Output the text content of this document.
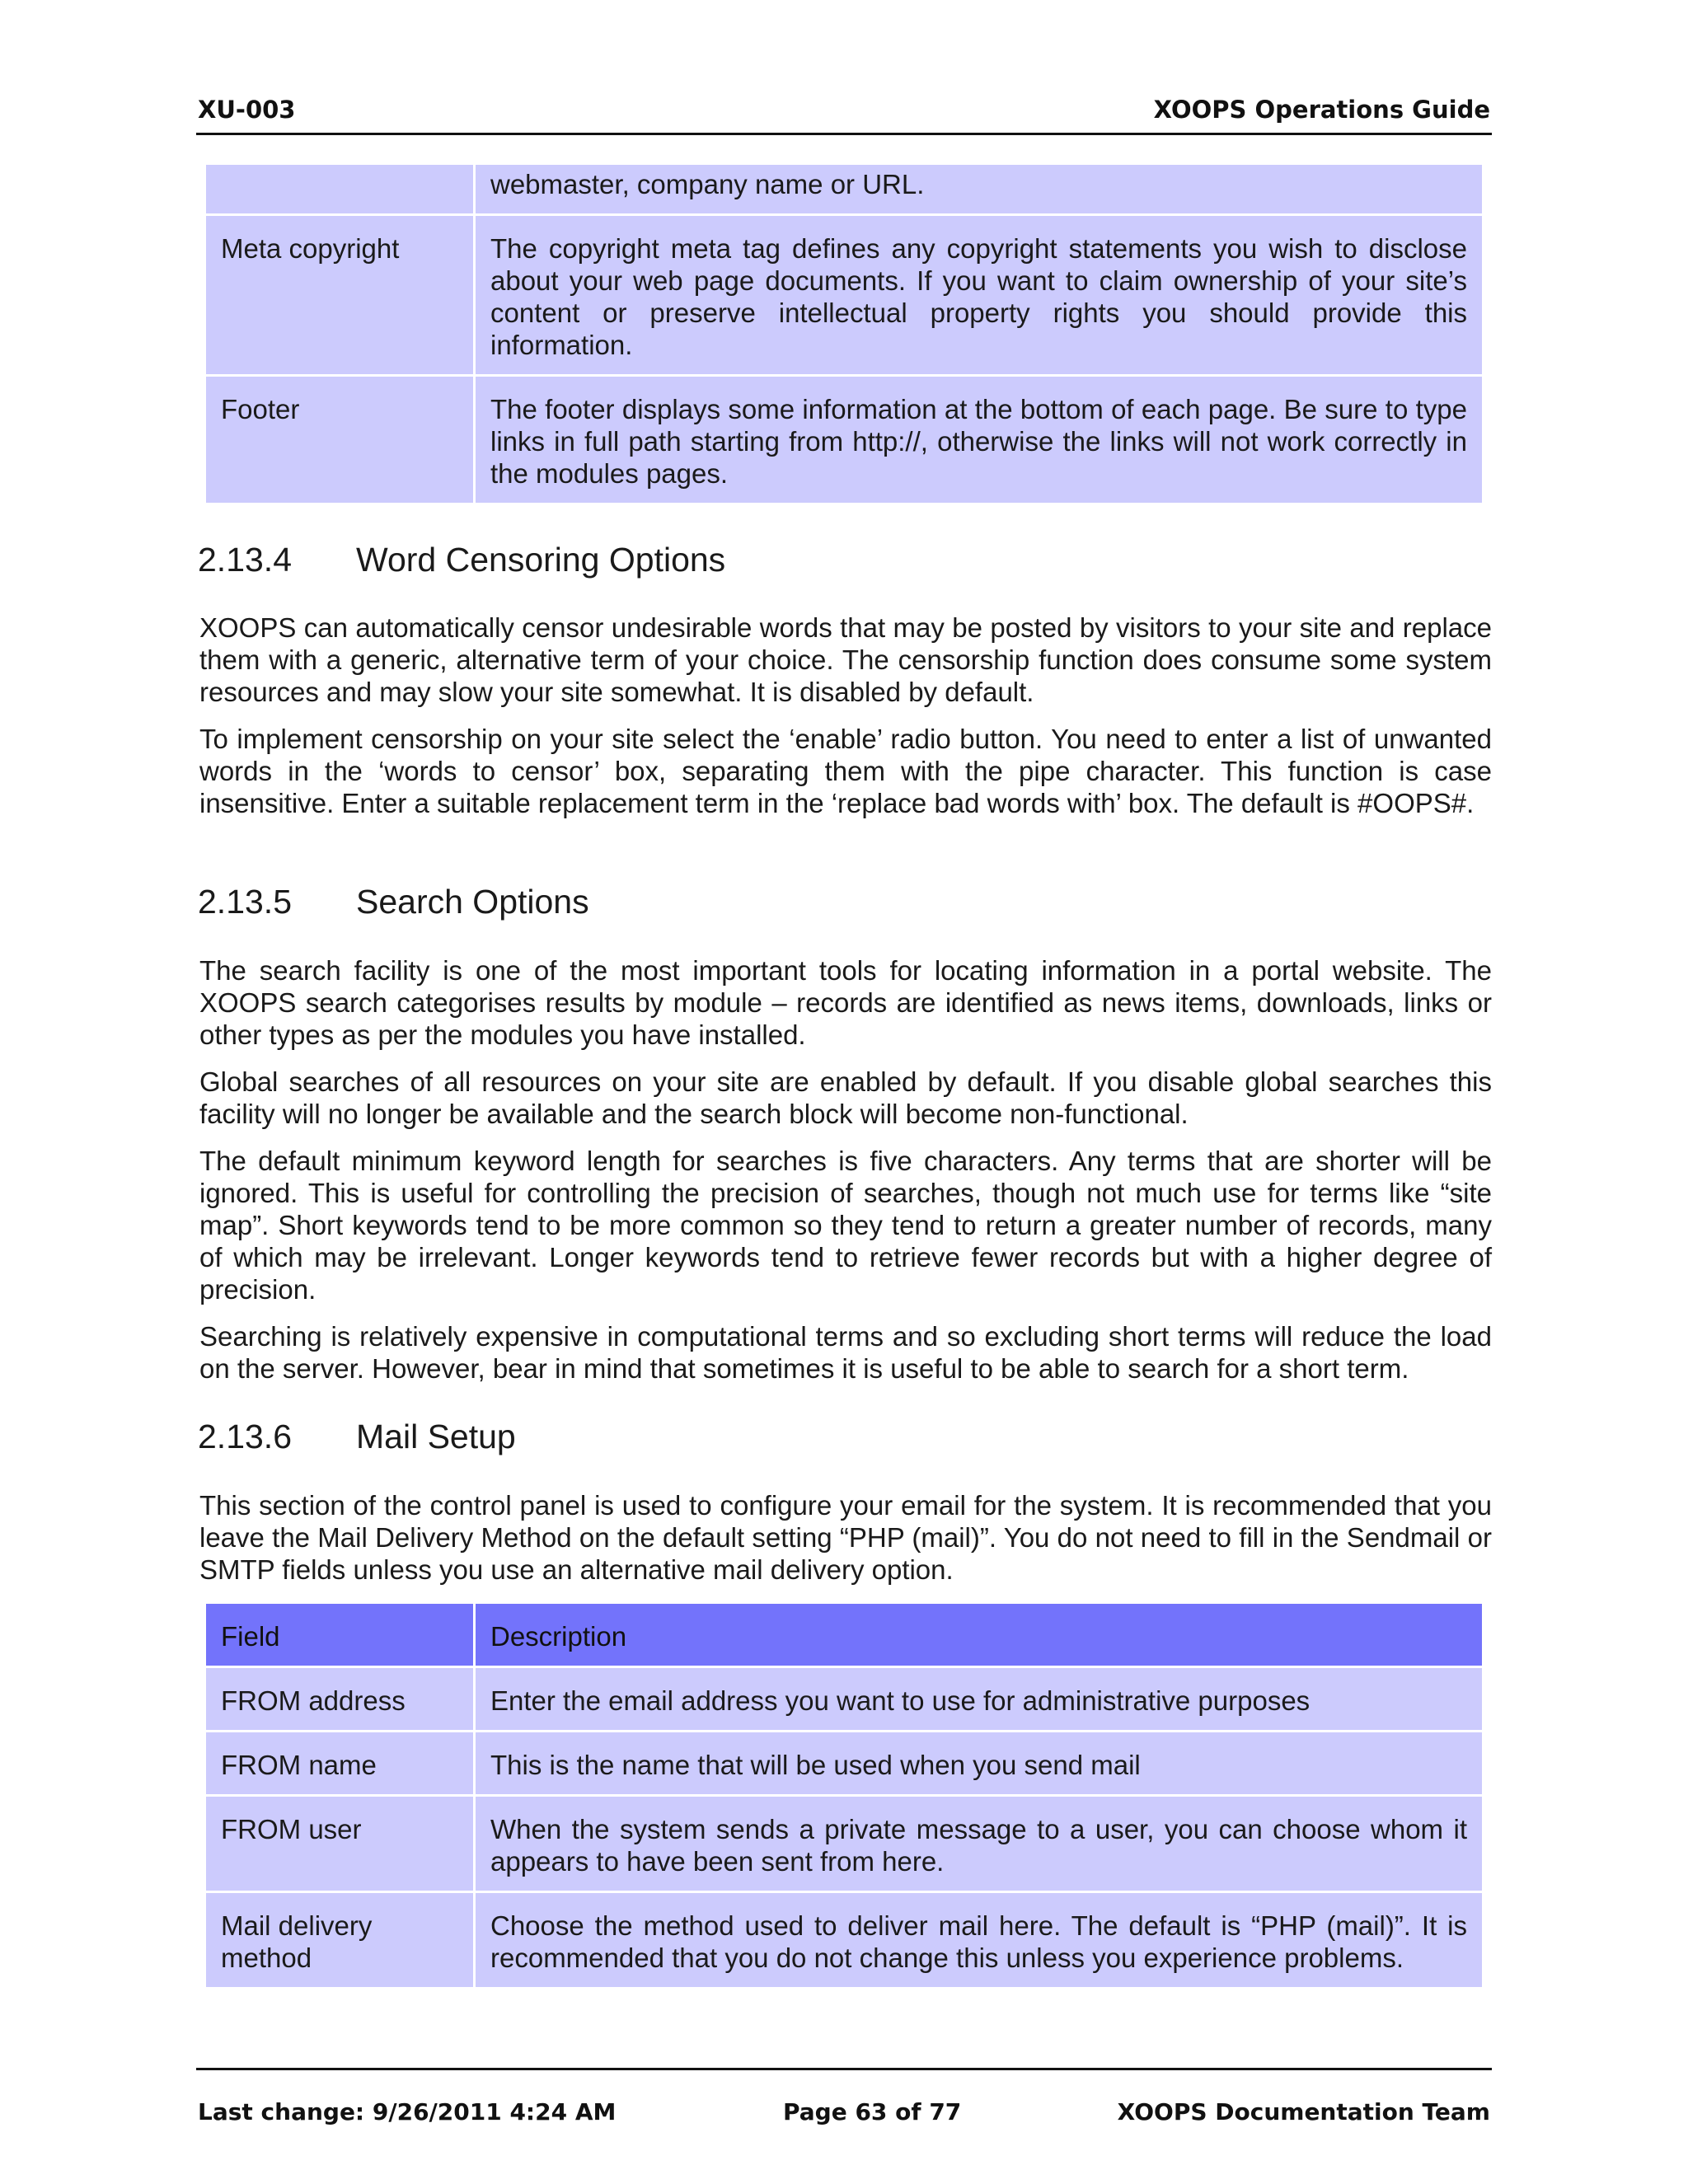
XU-003	XOOPS Operations Guide
	webmaster, company name or URL.
Meta copyright	The copyright meta tag defines any copyright statements you wish to disclose about your web page documents. If you want to claim ownership of your site’s content or preserve intellectual property rights you should provide this information.
Footer	The footer displays some information at the bottom of each page. Be sure to type links in full path starting from http://, otherwise the links will not work correctly in the modules pages.
2.13.4 Word Censoring Options

XOOPS can automatically censor undesirable words that may be posted by visitors to your site and replace them with a generic, alternative term of your choice. The censorship function does consume some system resources and may slow your site somewhat. It is disabled by default.

To implement censorship on your site select the ‘enable’ radio button. You need to enter a list of unwanted words in the ‘words to censor’ box, separating them with the pipe character. This function is case insensitive. Enter a suitable replacement term in the ‘replace bad words with’ box. The default is #OOPS#.

2.13.5 Search Options

The search facility is one of the most important tools for locating information in a portal website. The XOOPS search categorises results by module – records are identified as news items, downloads, links or other types as per the modules you have installed.

Global searches of all resources on your site are enabled by default. If you disable global searches this facility will no longer be available and the search block will become non-functional.

The default minimum keyword length for searches is five characters. Any terms that are shorter will be ignored. This is useful for controlling the precision of searches, though not much use for terms like “site map”. Short keywords tend to be more common so they tend to return a greater number of records, many of which may be irrelevant. Longer keywords tend to retrieve fewer records but with a higher degree of precision.

Searching is relatively expensive in computational terms and so excluding short terms will reduce the load on the server. However, bear in mind that sometimes it is useful to be able to search for a short term.

2.13.6 Mail Setup

This section of the control panel is used to configure your email for the system. It is recommended that you leave the Mail Delivery Method on the default setting “PHP (mail)”. You do not need to fill in the Sendmail or SMTP fields unless you use an alternative mail delivery option.

Field	Description
FROM address	Enter the email address you want to use for administrative purposes
FROM name	This is the name that will be used when you send mail
FROM user	When the system sends a private message to a user, you can choose whom it appears to have been sent from here.
Mail delivery method	Choose the method used to deliver mail here. The default is “PHP (mail)”. It is recommended that you do not change this unless you experience problems.
Last change: 9/26/2011 4:24 AM	Page 63 of 77	XOOPS Documentation Team
